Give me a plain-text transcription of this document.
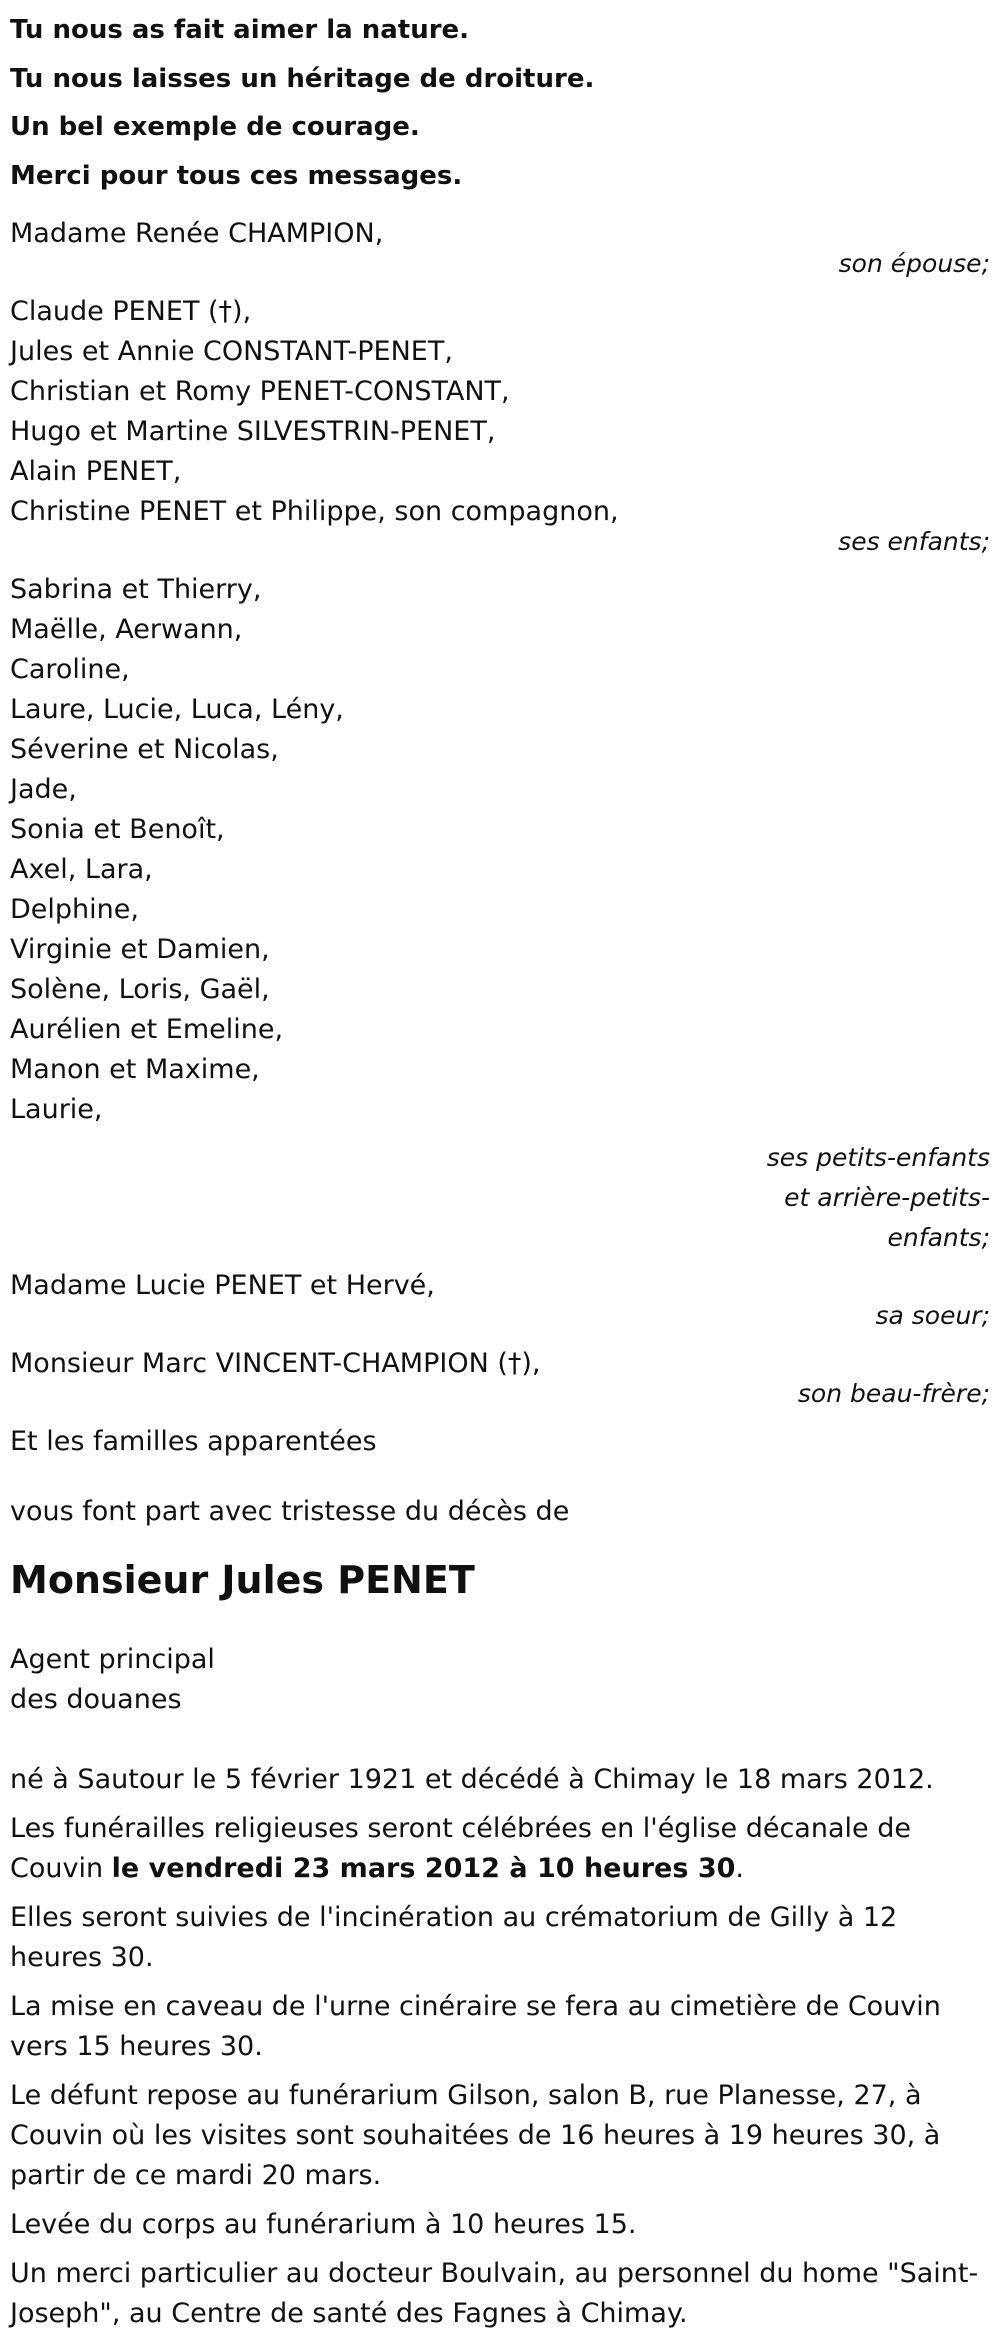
Tu nous as fait aimer la nature.

Tu nous laisses un héritage de droiture.

Un bel exemple de courage.

Merci pour tous ces messages.

Madame Renée CHAMPION,
son épouse;
Claude PENET (†),
Jules et Annie CONSTANT-PENET,
Christian et Romy PENET-CONSTANT,
Hugo et Martine SILVESTRIN-PENET,
Alain PENET,
Christine PENET et Philippe, son compagnon,
ses enfants;
Sabrina et Thierry,
Maëlle, Aerwann,
Caroline,
Laure, Lucie, Luca, Lény,
Séverine et Nicolas,
Jade,
Sonia et Benoît,
Axel, Lara,
Delphine,
Virginie et Damien,
Solène, Loris, Gaël,
Aurélien et Emeline,
Manon et Maxime,
Laurie,
ses petits-enfants
et arrière-petits-
enfants;
Madame Lucie PENET et Hervé,
sa soeur;
Monsieur Marc VINCENT-CHAMPION (†),
son beau-frère;
Et les familles apparentées
vous font part avec tristesse du décès de
Monsieur Jules PENET
Agent principal
des douanes

né à Sautour le 5 février 1921 et décédé à Chimay le 18 mars 2012.

Les funérailles religieuses seront célébrées en l'église décanale de Couvin le vendredi 23 mars 2012 à 10 heures 30.

Elles seront suivies de l'incinération au crématorium de Gilly à 12 heures 30.

La mise en caveau de l'urne cinéraire se fera au cimetière de Couvin vers 15 heures 30.

Le défunt repose au funérarium Gilson, salon B, rue Planesse, 27, à Couvin où les visites sont souhaitées de 16 heures à 19 heures 30, à partir de ce mardi 20 mars.

Levée du corps au funérarium à 10 heures 15.

Un merci particulier au docteur Boulvain, au personnel du home "Saint-Joseph", au Centre de santé des Fagnes à Chimay.
